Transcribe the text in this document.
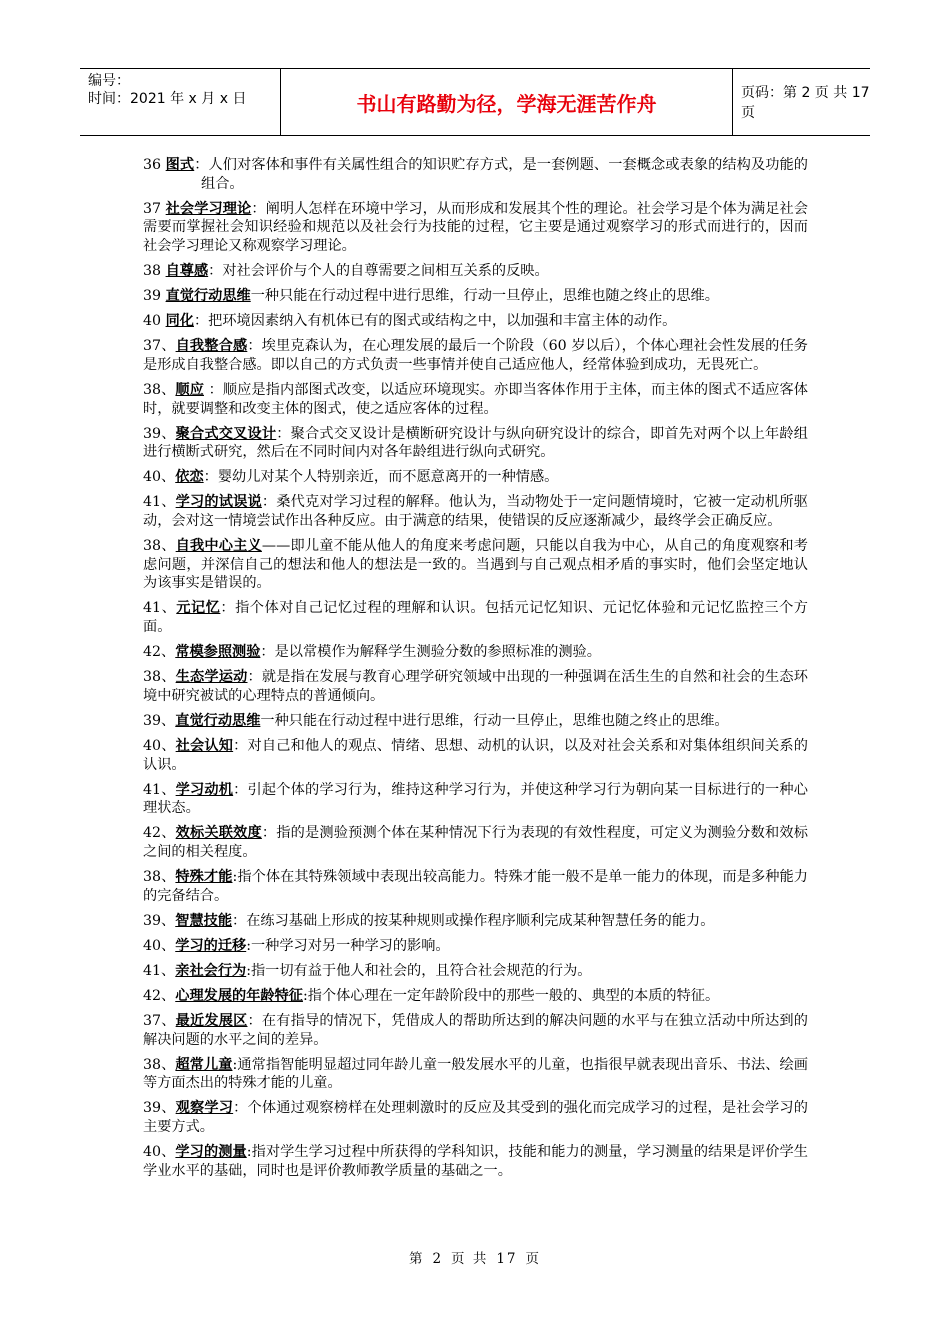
编号：
时间：2021 年 x 月 x 日	书山有路勤为径，学海无涯苦作舟	页码：第 2 页 共 17 页
36 图式：人们对客体和事件有关属性组合的知识贮存方式，是一套例题、一套概念或表象的结构及功能的组合。
37 社会学习理论：阐明人怎样在环境中学习，从而形成和发展其个性的理论。社会学习是个体为满足社会需要而掌握社会知识经验和规范以及社会行为技能的过程，它主要是通过观察学习的形式而进行的，因而社会学习理论又称观察学习理论。
38 自尊感：对社会评价与个人的自尊需要之间相互关系的反映。
39 直觉行动思维一种只能在行动过程中进行思维，行动一旦停止，思维也随之终止的思维。
40 同化：把环境因素纳入有机体已有的图式或结构之中，以加强和丰富主体的动作。
37、自我整合感：埃里克森认为，在心理发展的最后一个阶段（60 岁以后），个体心理社会性发展的任务是形成自我整合感。即以自己的方式负责一些事情并使自己适应他人，经常体验到成功，无畏死亡。
38、顺应 ：顺应是指内部图式改变，以适应环境现实。亦即当客体作用于主体，而主体的图式不适应客体时，就要调整和改变主体的图式，使之适应客体的过程。
39、聚合式交叉设计：聚合式交叉设计是横断研究设计与纵向研究设计的综合，即首先对两个以上年龄组进行横断式研究，然后在不同时间内对各年龄组进行纵向式研究。
40、依恋：婴幼儿对某个人特别亲近，而不愿意离开的一种情感。
41、学习的试误说：桑代克对学习过程的解释。他认为，当动物处于一定问题情境时，它被一定动机所驱动，会对这一情境尝试作出各种反应。由于满意的结果，使错误的反应逐渐减少，最终学会正确反应。
38、自我中心主义——即儿童不能从他人的角度来考虑问题，只能以自我为中心，从自己的角度观察和考虑问题，并深信自己的想法和他人的想法是一致的。当遇到与自己观点相矛盾的事实时，他们会坚定地认为该事实是错误的。
41、元记忆：指个体对自己记忆过程的理解和认识。包括元记忆知识、元记忆体验和元记忆监控三个方面。
42、常模参照测验：是以常模作为解释学生测验分数的参照标准的测验。
38、生态学运动：就是指在发展与教育心理学研究领域中出现的一种强调在活生生的自然和社会的生态环境中研究被试的心理特点的普通倾向。
39、直觉行动思维一种只能在行动过程中进行思维，行动一旦停止，思维也随之终止的思维。
40、社会认知：对自己和他人的观点、情绪、思想、动机的认识，以及对社会关系和对集体组织间关系的认识。
41、学习动机：引起个体的学习行为，维持这种学习行为，并使这种学习行为朝向某一目标进行的一种心理状态。
42、效标关联效度：指的是测验预测个体在某种情况下行为表现的有效性程度，可定义为测验分数和效标之间的相关程度。
38、特殊才能:指个体在其特殊领域中表现出较高能力。特殊才能一般不是单一能力的体现，而是多种能力的完备结合。
39、智慧技能：在练习基础上形成的按某种规则或操作程序顺利完成某种智慧任务的能力。
40、学习的迁移:一种学习对另一种学习的影响。
41、亲社会行为:指一切有益于他人和社会的，且符合社会规范的行为。
42、心理发展的年龄特征:指个体心理在一定年龄阶段中的那些一般的、典型的本质的特征。
37、最近发展区：在有指导的情况下，凭借成人的帮助所达到的解决问题的水平与在独立活动中所达到的解决问题的水平之间的差异。
38、超常儿童:通常指智能明显超过同年龄儿童一般发展水平的儿童，也指很早就表现出音乐、书法、绘画等方面杰出的特殊才能的儿童。
39、观察学习：个体通过观察榜样在处理刺激时的反应及其受到的强化而完成学习的过程，是社会学习的主要方式。
40、学习的测量:指对学生学习过程中所获得的学科知识，技能和能力的测量，学习测量的结果是评价学生学业水平的基础，同时也是评价教师教学质量的基础之一。
第 2 页 共 17 页
